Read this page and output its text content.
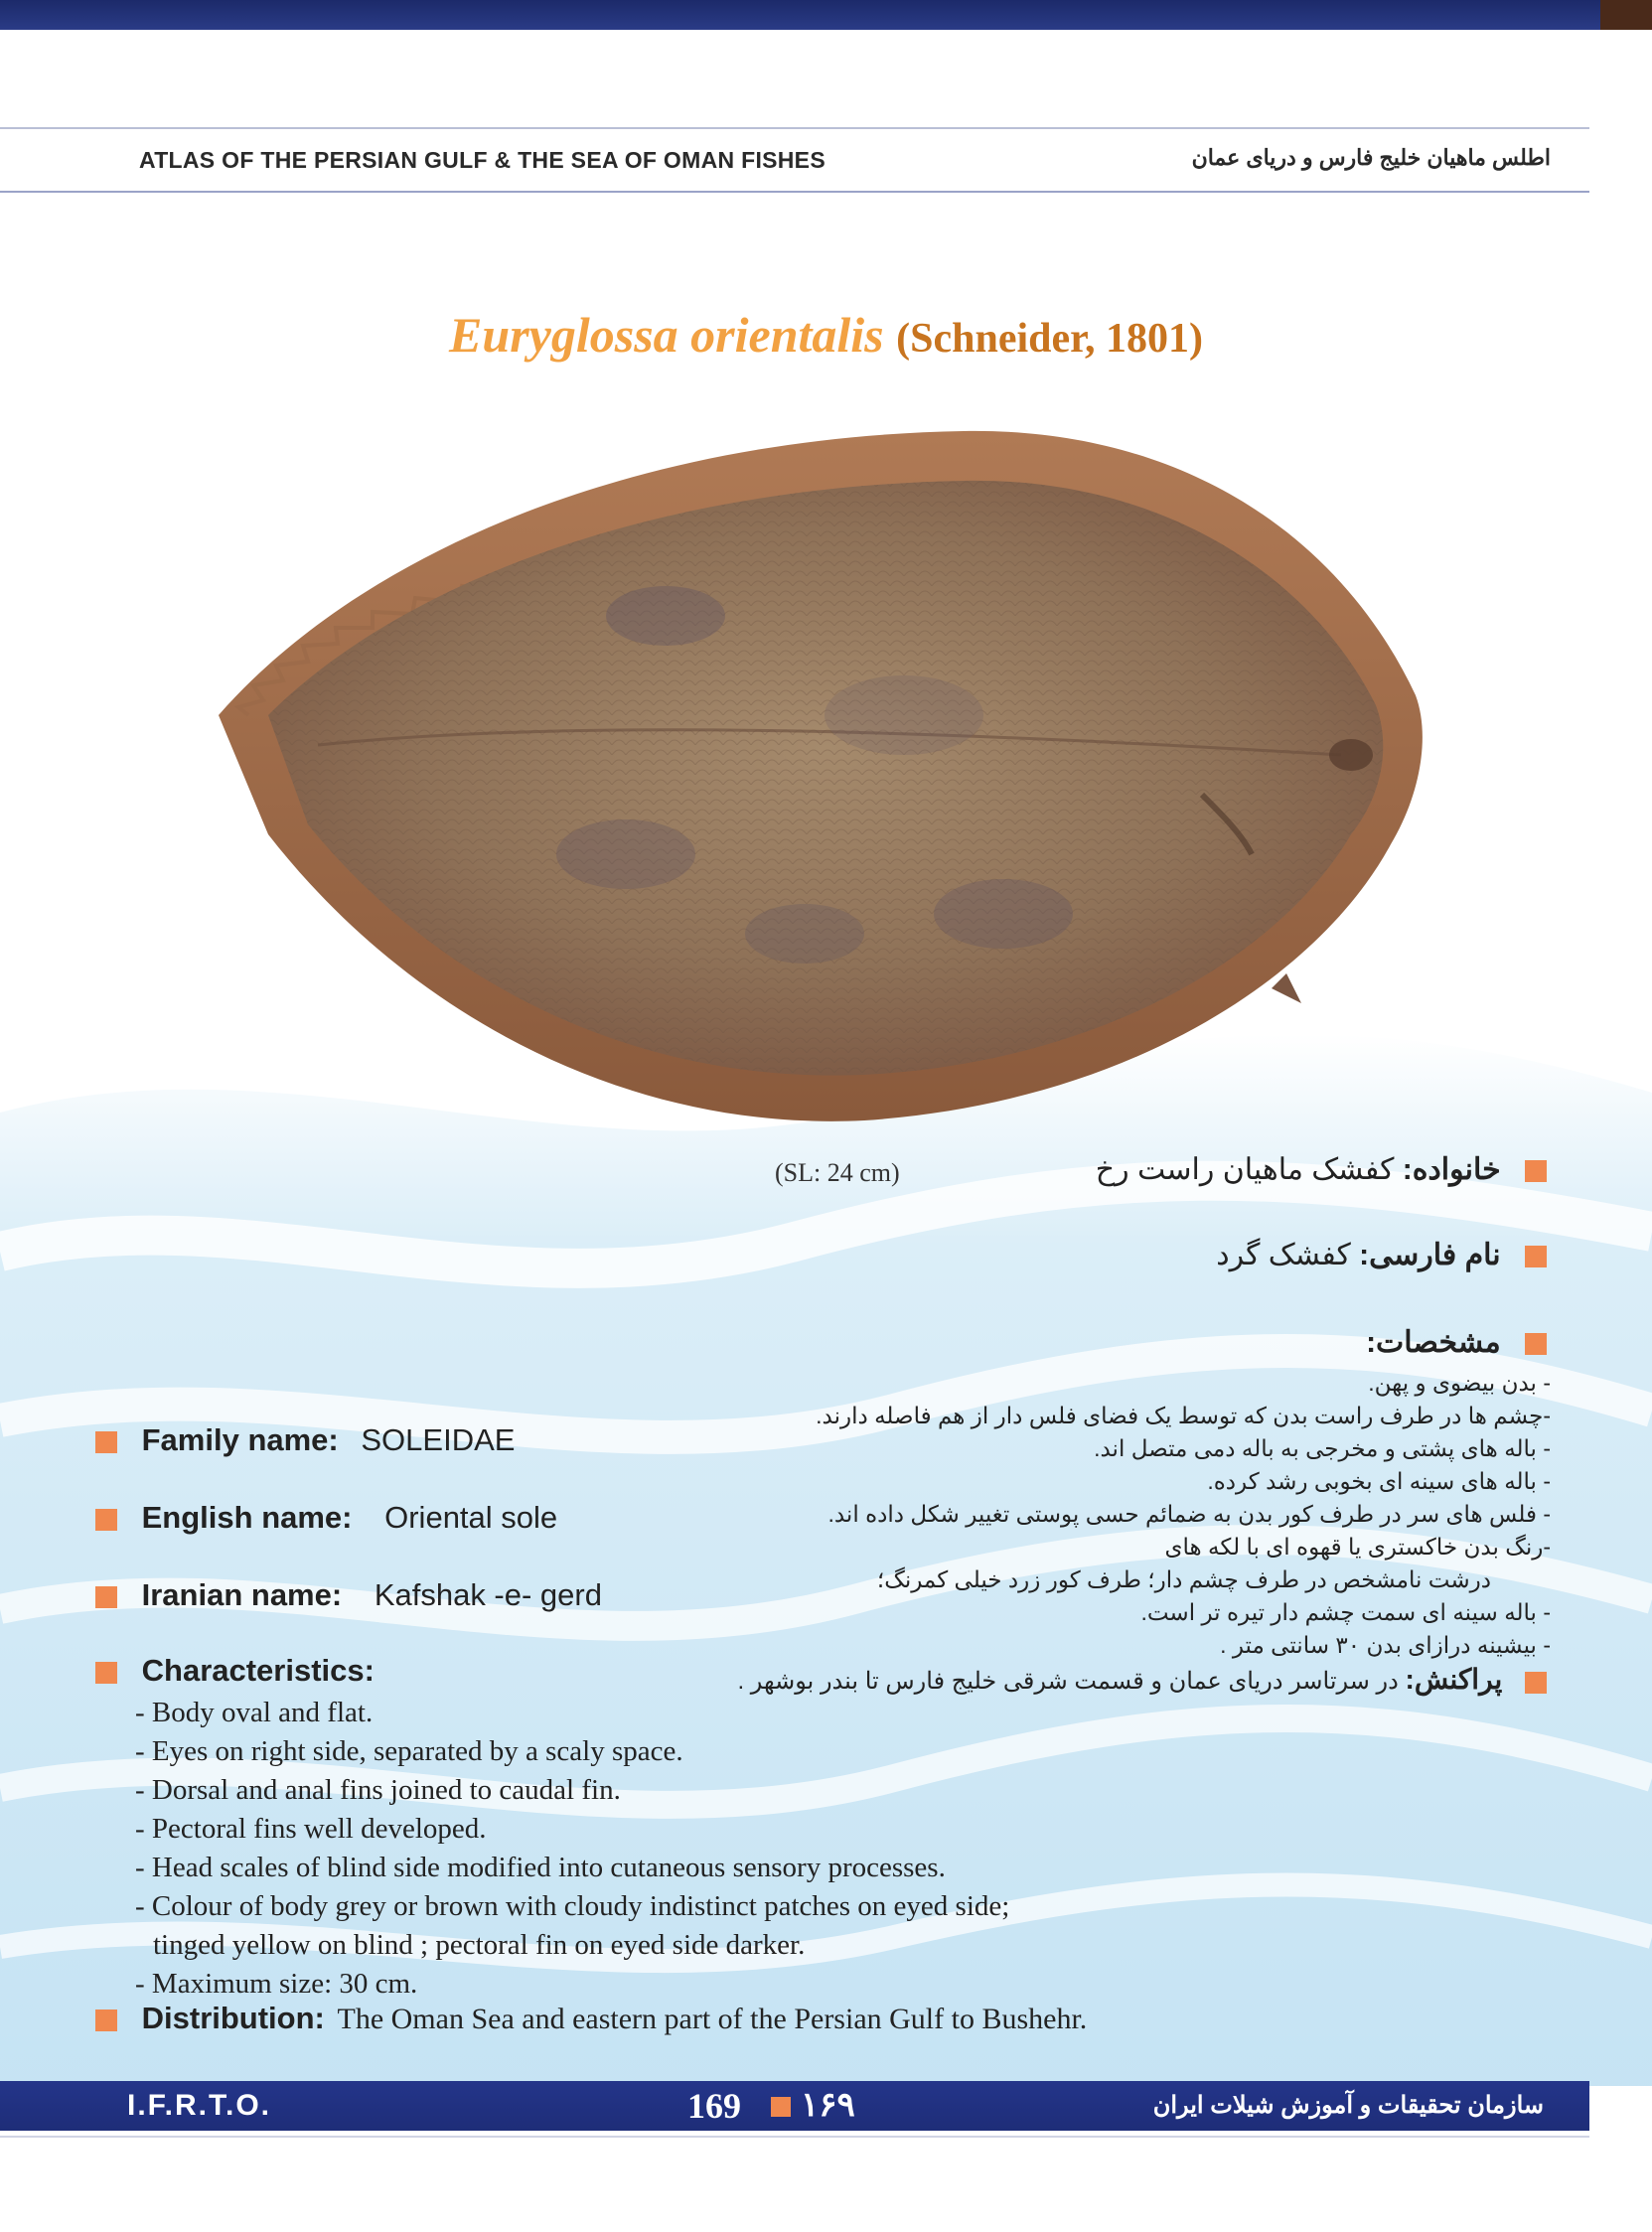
ATLAS OF THE PERSIAN GULF & THE SEA OF OMAN FISHES	اطلس ماهیان خلیج فارس و دریای عمان
Euryglossa orientalis (Schneider, 1801)
(SL: 24 cm)	خانواده: کفشک ماهیان راست رخ
نام فارسی: کفشک گرد
مشخصات:
- بدن بیضوی و پهن.
-چشم ها در طرف راست بدن که توسط یک فضای فلس دار از هم فاصله دارند.
- باله های پشتی و مخرجی به باله دمی متصل اند.
- باله های سینه ای بخوبی رشد کرده.
- فلس های سر در طرف کور بدن به ضمائم حسی پوستی تغییر شکل داده اند.
-رنگ بدن خاکستری یا قهوه ای با لکه های
درشت نامشخص در طرف چشم دار؛ طرف کور زرد خیلی کمرنگ؛
- باله سینه ای سمت چشم دار تیره تر است.
- بیشینه درازای بدن ۳۰ سانتی متر .
پراکنش: در سرتاسر دریای عمان و قسمت شرقی خلیج فارس تا بندر بوشهر .
Family name: SOLEIDAE
English name: Oriental sole
Iranian name: Kafshak -e- gerd
Characteristics:
- Body oval and flat.
- Eyes on right side, separated by a scaly space.
- Dorsal and anal fins joined to caudal fin.
- Pectoral fins well developed.
- Head scales of blind side modified into cutaneous sensory processes.
- Colour of body grey or brown with cloudy indistinct patches on eyed side;
tinged yellow on blind ; pectoral fin on eyed side darker.
- Maximum size: 30 cm.
Distribution: The Oman Sea and eastern part of the Persian Gulf to Bushehr.
I.F.R.T.O.	169 ۱۶۹	سازمان تحقیقات و آموزش شیلات ایران
